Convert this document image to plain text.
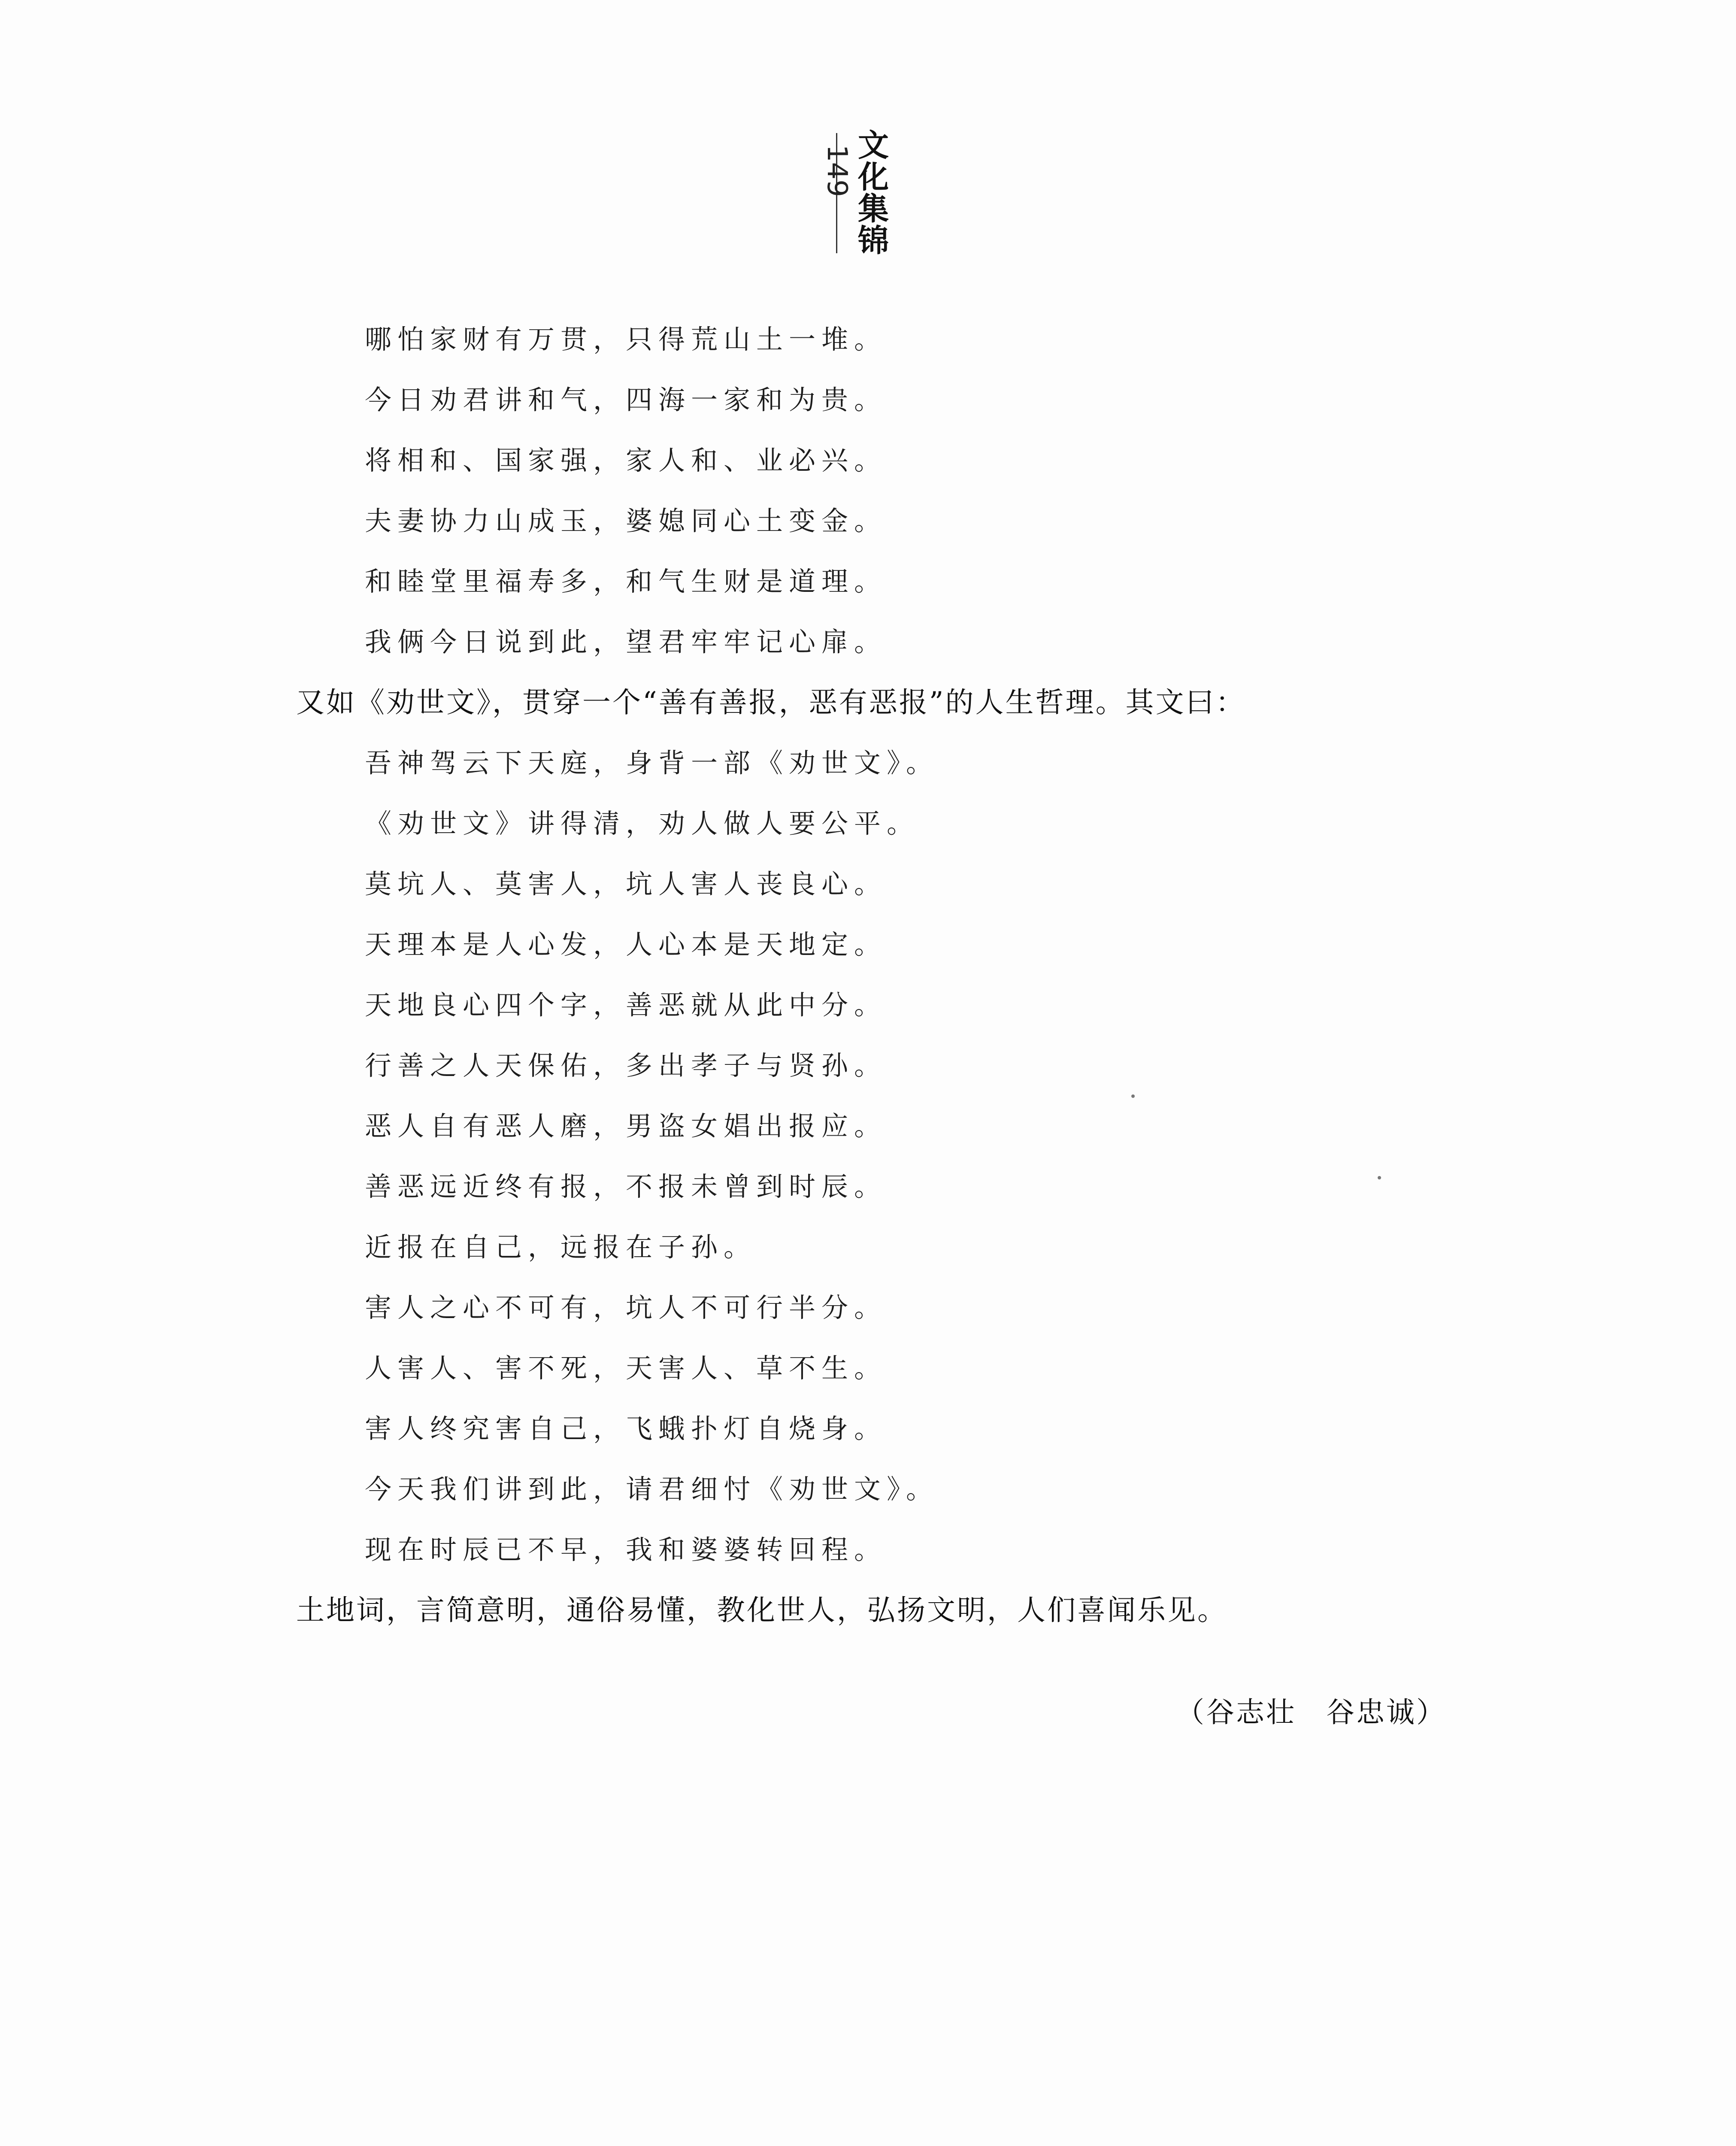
文化集锦
149
哪怕家财有万贯，只得荒山土一堆。
今日劝君讲和气，四海一家和为贵。
将相和、国家强，家人和、业必兴。
夫妻协力山成玉，婆媳同心土变金。
和睦堂里福寿多，和气生财是道理。
我俩今日说到此，望君牢牢记心扉。
又如《劝世文》，贯穿一个“善有善报，恶有恶报”的人生哲理。其文曰：
吾神驾云下天庭，身背一部《劝世文》。
《劝世文》讲得清，劝人做人要公平。
莫坑人、莫害人，坑人害人丧良心。
天理本是人心发，人心本是天地定。
天地良心四个字，善恶就从此中分。
行善之人天保佑，多出孝子与贤孙。
恶人自有恶人磨，男盗女娼出报应。
善恶远近终有报，不报未曾到时辰。
近报在自己，远报在子孙。
害人之心不可有，坑人不可行半分。
人害人、害不死，天害人、草不生。
害人终究害自己，飞蛾扑灯自烧身。
今天我们讲到此，请君细忖《劝世文》。
现在时辰已不早，我和婆婆转回程。
土地词，言简意明，通俗易懂，教化世人，弘扬文明，人们喜闻乐见。
（谷志壮　谷忠诚）
